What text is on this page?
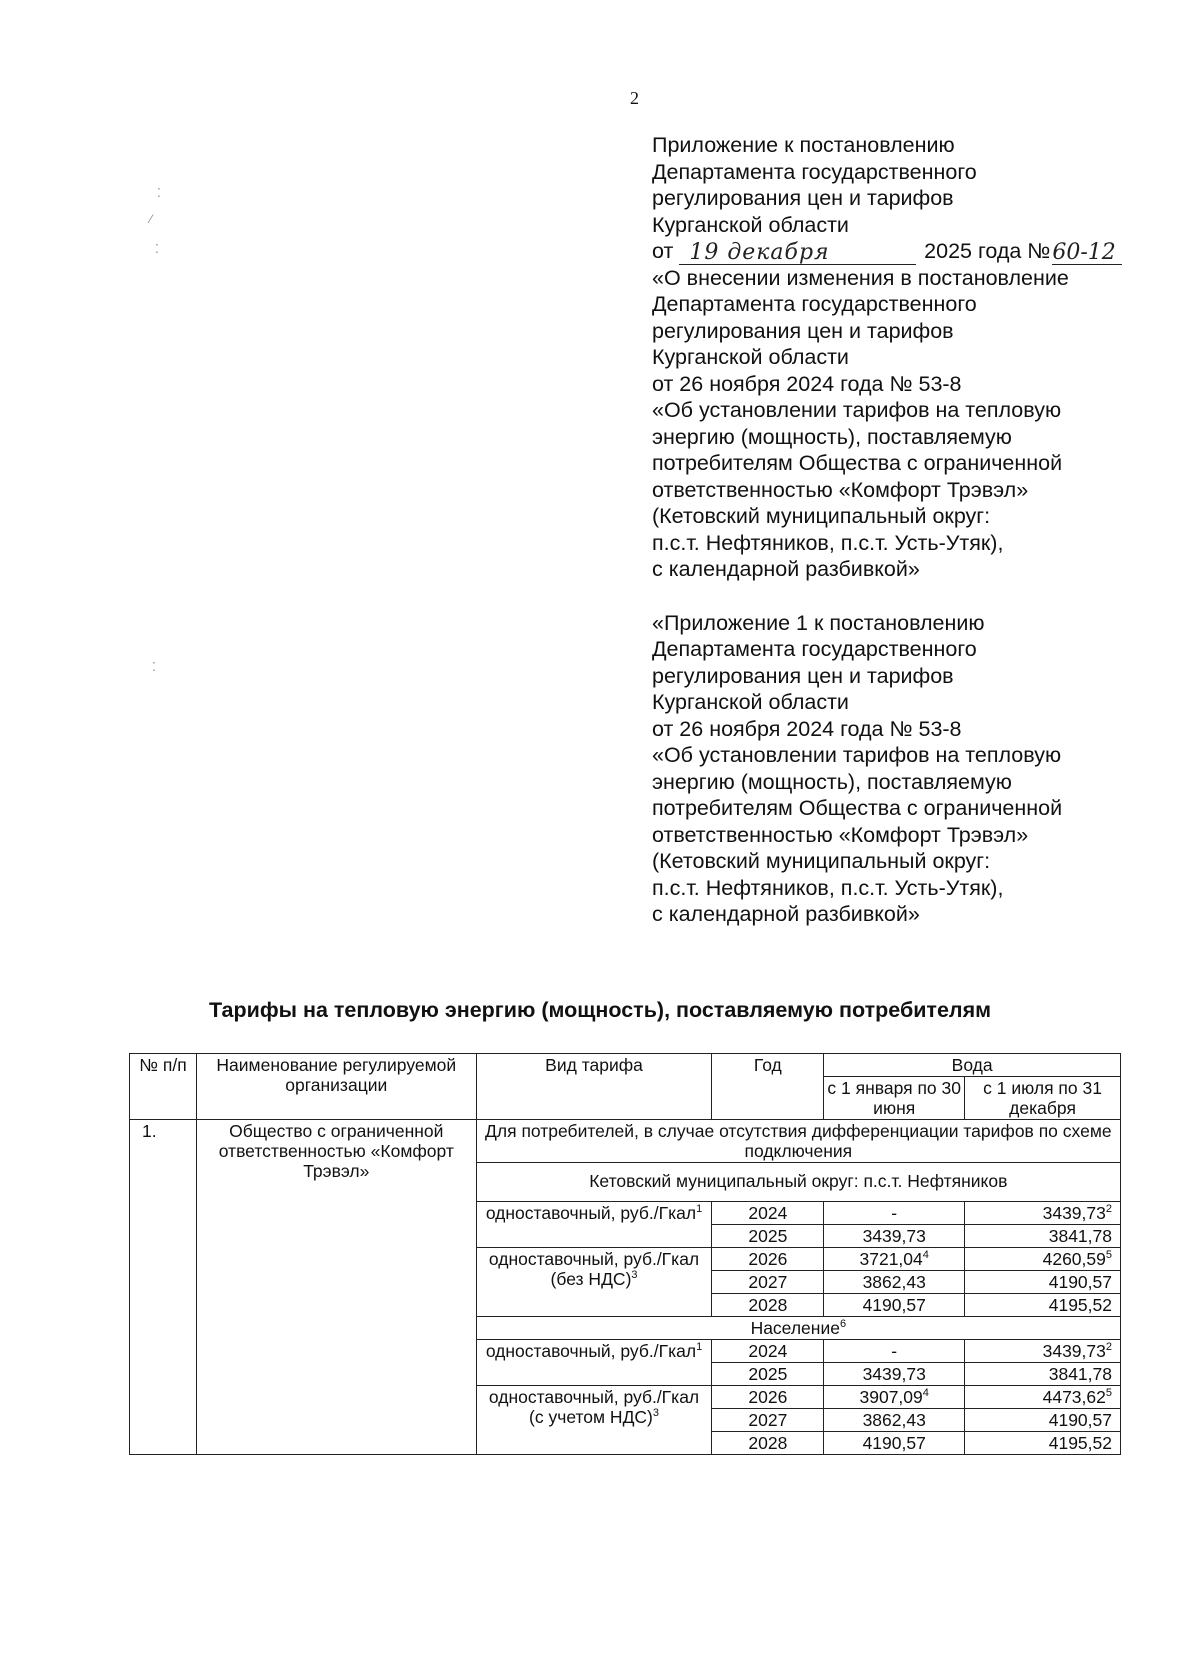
2
Приложение к постановлению
Департамента государственного
регулирования цен и тарифов
Курганской области
от 19 декабря	2025 года № 60-12
«О внесении изменения в постановление
Департамента государственного
регулирования цен и тарифов
Курганской области
от 26 ноября 2024 года № 53-8
«Об установлении тарифов на тепловую
энергию (мощность), поставляемую
потребителям Общества с ограниченной
ответственностью «Комфорт Трэвэл»
(Кетовский муниципальный округ:
п.с.т. Нефтяников, п.с.т. Усть-Утяк),
с календарной разбивкой»
«Приложение 1 к постановлению
Департамента государственного
регулирования цен и тарифов
Курганской области
от 26 ноября 2024 года № 53-8
«Об установлении тарифов на тепловую
энергию (мощность), поставляемую
потребителям Общества с ограниченной
ответственностью «Комфорт Трэвэл»
(Кетовский муниципальный округ:
п.с.т. Нефтяников, п.с.т. Усть-Утяк),
с календарной разбивкой»
Тарифы на тепловую энергию (мощность), поставляемую потребителям
№ п/п	Наименование регулируемой организации	Вид тарифа	Год	Вода	
				с 1 января по 30 июня	с 1 июля по 31 декабря
1.	Общество с ограниченной ответственностью «Комфорт Трэвэл»	Для потребителей, в случае отсутствия дифференциации тарифов по схеме подключения			
		Кетовский муниципальный округ: п.с.т. Нефтяников			
		одноставочный, руб./Гкал$^1$	2024	-	3439,73$^2$
			2025	3439,73	3841,78
		одноставочный, руб./Гкал (без НДС)$^3$	2026	3721,04$^4$	4260,59$^5$
			2027	3862,43	4190,57
			2028	4190,57	4195,52
		Население$^6$
		одноставочный, руб./Гкал$^1$	2024	-	3439,73$^2$
			2025	3439,73	3841,78
		одноставочный, руб./Гкал (с учетом НДС)$^3$	2026	3907,09$^4$	4473,62$^5$
			2027	3862,43	4190,57
			2028	4190,57	4195,52
⁚
⁄
⁚
⁚
